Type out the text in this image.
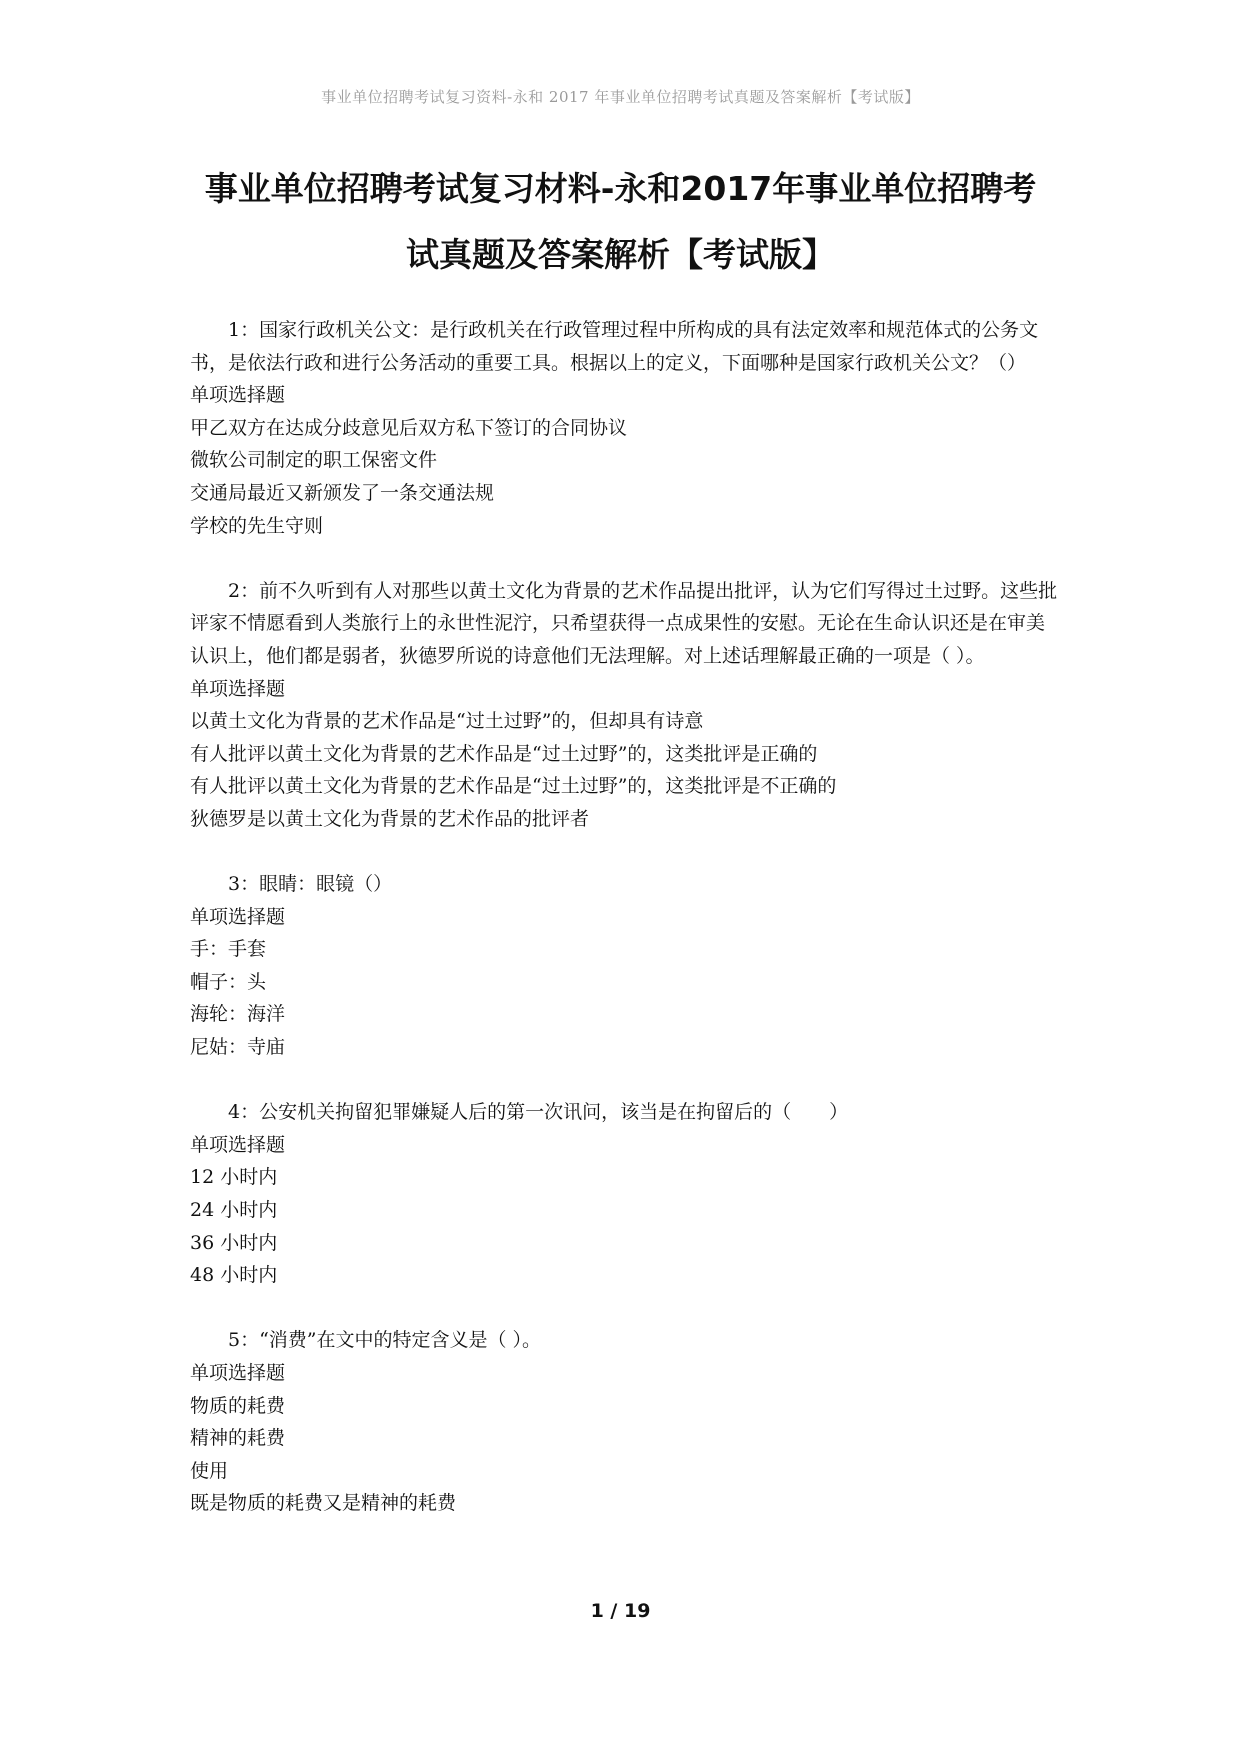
事业单位招聘考试复习资料-永和 2017 年事业单位招聘考试真题及答案解析【考试版】
事业单位招聘考试复习材料-永和2017年事业单位招聘考
试真题及答案解析【考试版】

1：国家行政机关公文：是行政机关在行政管理过程中所构成的具有法定效率和规范体式的公务文书，是依法行政和进行公务活动的重要工具。根据以上的定义，下面哪种是国家行政机关公文？（）

单项选择题

甲乙双方在达成分歧意见后双方私下签订的合同协议

微软公司制定的职工保密文件

交通局最近又新颁发了一条交通法规

学校的先生守则

2：前不久听到有人对那些以黄土文化为背景的艺术作品提出批评，认为它们写得过土过野。这些批评家不情愿看到人类旅行上的永世性泥泞，只希望获得一点成果性的安慰。无论在生命认识还是在审美认识上，他们都是弱者，狄德罗所说的诗意他们无法理解。对上述话理解最正确的一项是（ ）。

单项选择题

以黄土文化为背景的艺术作品是“过土过野”的，但却具有诗意

有人批评以黄土文化为背景的艺术作品是“过土过野”的，这类批评是正确的

有人批评以黄土文化为背景的艺术作品是“过土过野”的，这类批评是不正确的

狄德罗是以黄土文化为背景的艺术作品的批评者

3：眼睛：眼镜（）

单项选择题

手：手套

帽子：头

海轮：海洋

尼姑：寺庙

4：公安机关拘留犯罪嫌疑人后的第一次讯问，该当是在拘留后的（　　）

单项选择题

12 小时内

24 小时内

36 小时内

48 小时内

5：“消费”在文中的特定含义是（ ）。

单项选择题

物质的耗费

精神的耗费

使用

既是物质的耗费又是精神的耗费

1 / 19
